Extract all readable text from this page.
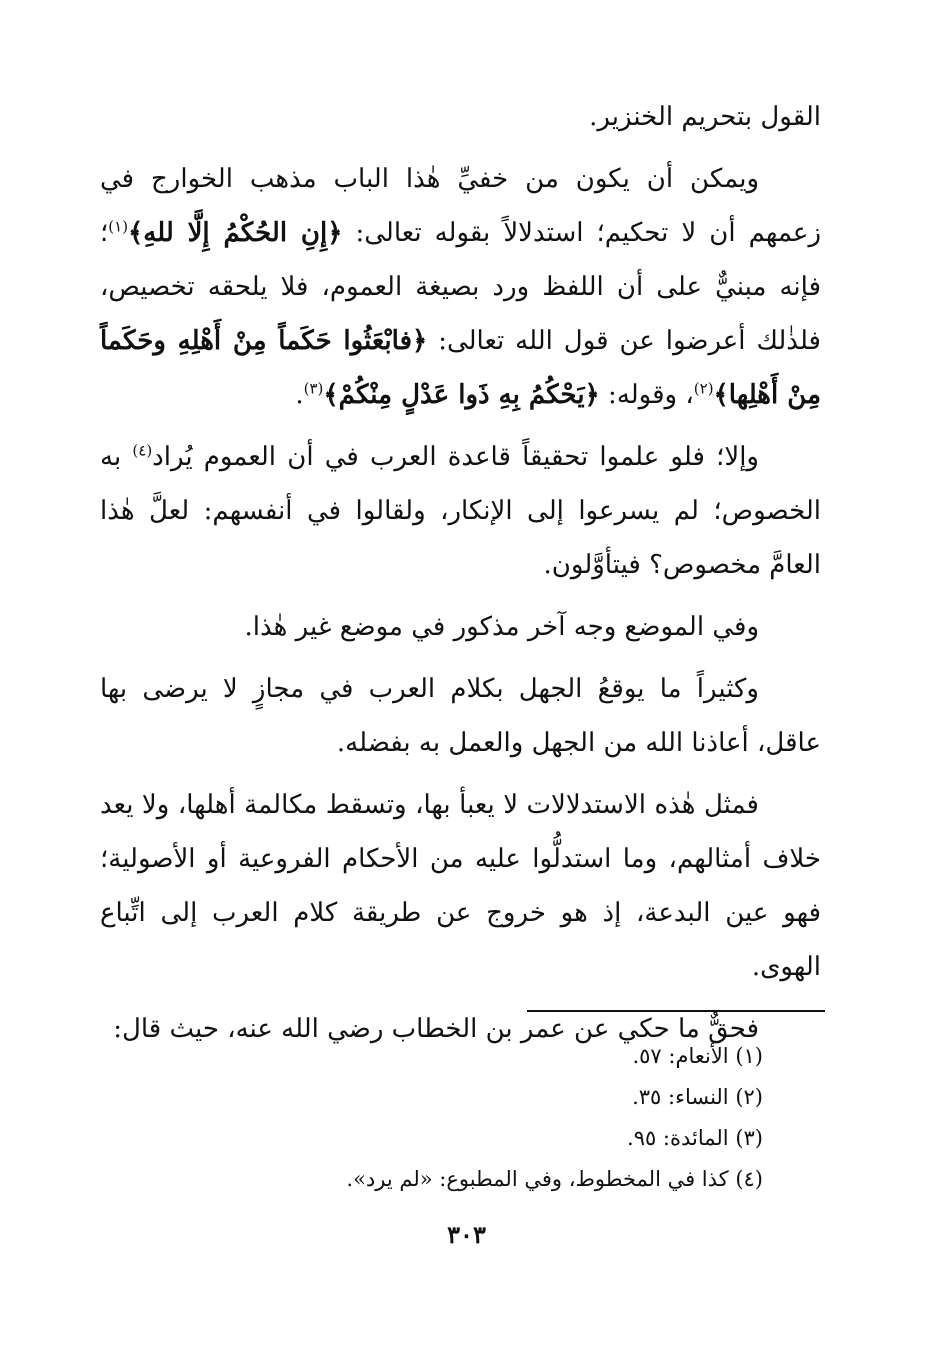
القول بتحريم الخنزير.

ويمكن أن يكون من خفيِّ هٰذا الباب مذهب الخوارج في زعمهم أن لا تحكيم؛ استدلالاً بقوله تعالى: ﴿إِنِ الحُكْمُ إِلَّا للهِ﴾$^{(١)}$؛ فإنه مبنيٌّ على أن اللفظ ورد بصيغة العموم، فلا يلحقه تخصيص، فلذٰلك أعرضوا عن قول الله تعالى: ﴿فابْعَثُوا حَكَماً مِنْ أَهْلِهِ وحَكَماً مِنْ أَهْلِها﴾$^{(٢)}$، وقوله: ﴿يَحْكُمُ بِهِ ذَوا عَدْلٍ مِنْكُمْ﴾$^{(٣)}$.

وإلا؛ فلو علموا تحقيقاً قاعدة العرب في أن العموم يُراد$^{(٤)}$ به الخصوص؛ لم يسرعوا إلى الإنكار، ولقالوا في أنفسهم: لعلَّ هٰذا العامَّ مخصوص؟ فيتأوَّلون.

وفي الموضع وجه آخر مذكور في موضع غير هٰذا.

وكثيراً ما يوقعُ الجهل بكلام العرب في مجازٍ لا يرضى بها عاقل، أعاذنا الله من الجهل والعمل به بفضله.

فمثل هٰذه الاستدلالات لا يعبأ بها، وتسقط مكالمة أهلها، ولا يعد خلاف أمثالهم، وما استدلُّوا عليه من الأحكام الفروعية أو الأصولية؛ فهو عين البدعة، إذ هو خروج عن طريقة كلام العرب إلى اتِّباع الهوى.

فحقٌّ ما حكي عن عمر بن الخطاب رضي الله عنه، حيث قال:

(١) الأنعام: ٥٧.
(٢) النساء: ٣٥.
(٣) المائدة: ٩٥.
(٤) كذا في المخطوط، وفي المطبوع: «لم يرد».
٣٠٣
